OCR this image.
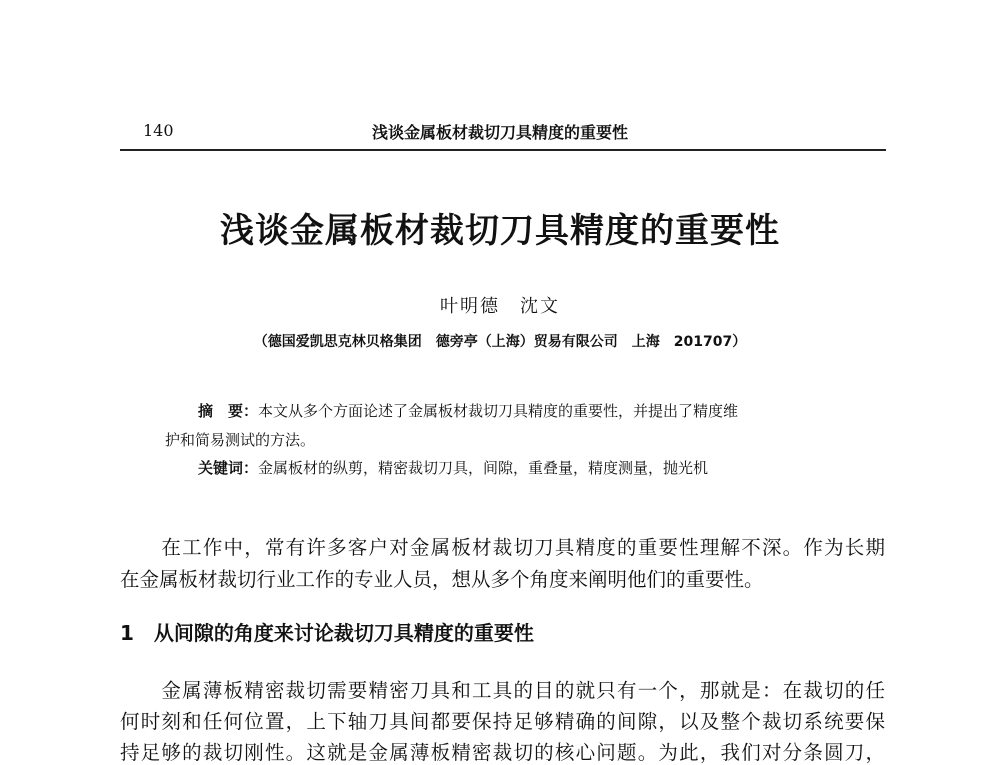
140	浅谈金属板材裁切刀具精度的重要性
浅谈金属板材裁切刀具精度的重要性
叶明德　沈文
（德国爱凯思克林贝格集团　德旁亭（上海）贸易有限公司　上海　201707）
摘　要：本文从多个方面论述了金属板材裁切刀具精度的重要性，并提出了精度维
护和简易测试的方法。
关键词：金属板材的纵剪，精密裁切刀具，间隙，重叠量，精度测量，抛光机
　　在工作中，常有许多客户对金属板材裁切刀具精度的重要性理解不深。作为长期
在金属板材裁切行业工作的专业人员，想从多个角度来阐明他们的重要性。
1　从间隙的角度来讨论裁切刀具精度的重要性
　　金属薄板精密裁切需要精密刀具和工具的目的就只有一个，那就是：在裁切的任
何时刻和任何位置，上下轴刀具间都要保持足够精确的间隙，以及整个裁切系统要保
持足够的裁切刚性。这就是金属薄板精密裁切的核心问题。为此，我们对分条圆刀，
